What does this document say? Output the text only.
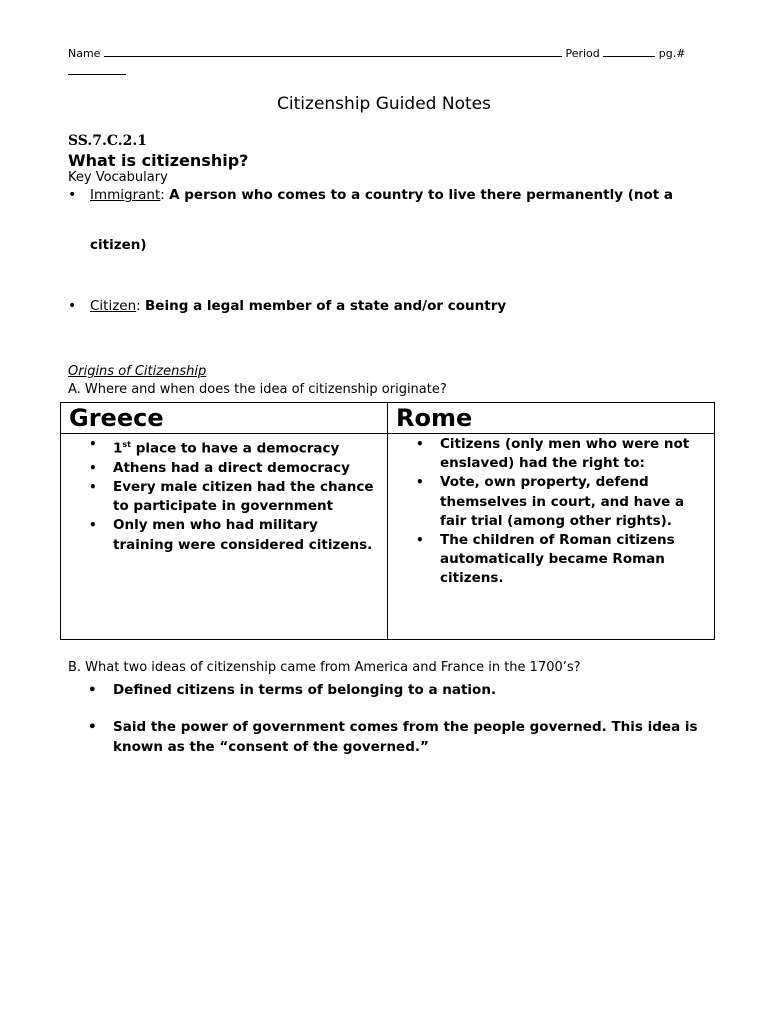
Name	Period	pg.#
Citizenship Guided Notes
SS.7.C.2.1
What is citizenship?
Key Vocabulary
• Immigrant: A person who comes to a country to live there permanently (not a
citizen)
• Citizen: Being a legal member of a state and/or country
Origins of Citizenship
A. Where and when does the idea of citizenship originate?
Greece
• 1st place to have a democracy
• Athens had a direct democracy
• Every male citizen had the chance to participate in government
• Only men who had military training were considered citizens.
Rome
• Citizens (only men who were not enslaved) had the right to:
• Vote, own property, defend themselves in court, and have a fair trial (among other rights).
• The children of Roman citizens automatically became Roman citizens.
B. What two ideas of citizenship came from America and France in the 1700’s?
• Defined citizens in terms of belonging to a nation.
• Said the power of government comes from the people governed. This idea is known as the “consent of the governed.”
